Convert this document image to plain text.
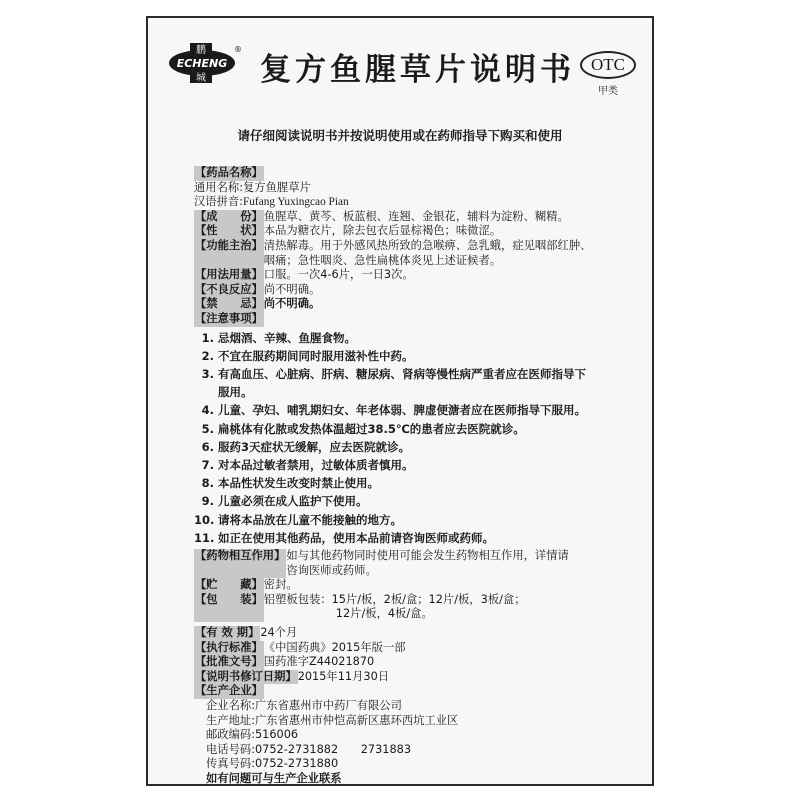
鹏
ECHENG
城
®
复方鱼腥草片说明书 OTC
甲类
请仔细阅读说明书并按说明使用或在药师指导下购买和使用
【药品名称】
通用名称: 复方鱼腥草片
汉语拼音: Fufang Yuxingcao Pian
【成　　份】 鱼腥草、黄芩、板蓝根、连翘、金银花，辅料为淀粉、糊精。
【性　　状】 本品为糖衣片，除去包衣后显棕褐色；味微涩。
【功能主治】 清热解毒。用于外感风热所致的急喉痹、急乳蛾，症见咽部红肿、
咽痛；急性咽炎、急性扁桃体炎见上述证候者。
【用法用量】 口服。一次4-6片，一日3次。
【不良反应】 尚不明确。
【禁　　忌】 尚不明确。
【注意事项】
1. 忌烟酒、辛辣、鱼腥食物。
2. 不宜在服药期间同时服用滋补性中药。
3. 有高血压、心脏病、肝病、糖尿病、肾病等慢性病严重者应在医师指导下
服用。
4. 儿童、孕妇、哺乳期妇女、年老体弱、脾虚便溏者应在医师指导下服用。
5. 扁桃体有化脓或发热体温超过38.5℃的患者应去医院就诊。
6. 服药3天症状无缓解，应去医院就诊。
7. 对本品过敏者禁用，过敏体质者慎用。
8. 本品性状发生改变时禁止使用。
9. 儿童必须在成人监护下使用。
10. 请将本品放在儿童不能接触的地方。
11. 如正在使用其他药品，使用本品前请咨询医师或药师。
【药物相互作用】 如与其他药物同时使用可能会发生药物相互作用，详情请
咨询医师或药师。
【贮　　藏】 密封。
【包　　装】 铝塑板包装：15片/板，2板/盒；12片/板，3板/盒；
12片/板，4板/盒。
【有 效 期】 24个月
【执行标准】 《中国药典》2015年版一部
【批准文号】 国药准字Z44021870
【说明书修订日期】 2015年11月30日
【生产企业】
企业名称: 广东省惠州市中药厂有限公司
生产地址: 广东省惠州市仲恺高新区惠环西坑工业区
邮政编码: 516006
电话号码: 0752-2731882　　2731883
传真号码: 0752-2731880
如有问题可与生产企业联系
